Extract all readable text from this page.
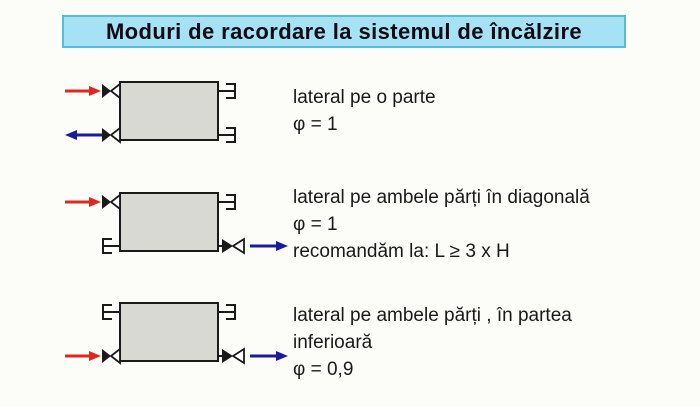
Moduri de racordare la sistemul de încălzire
lateral pe o parte
φ = 1
lateral pe ambele părți în diagonală
φ = 1
recomandăm la: L ≥ 3 x H
lateral pe ambele părți , în partea
inferioară
φ = 0,9
